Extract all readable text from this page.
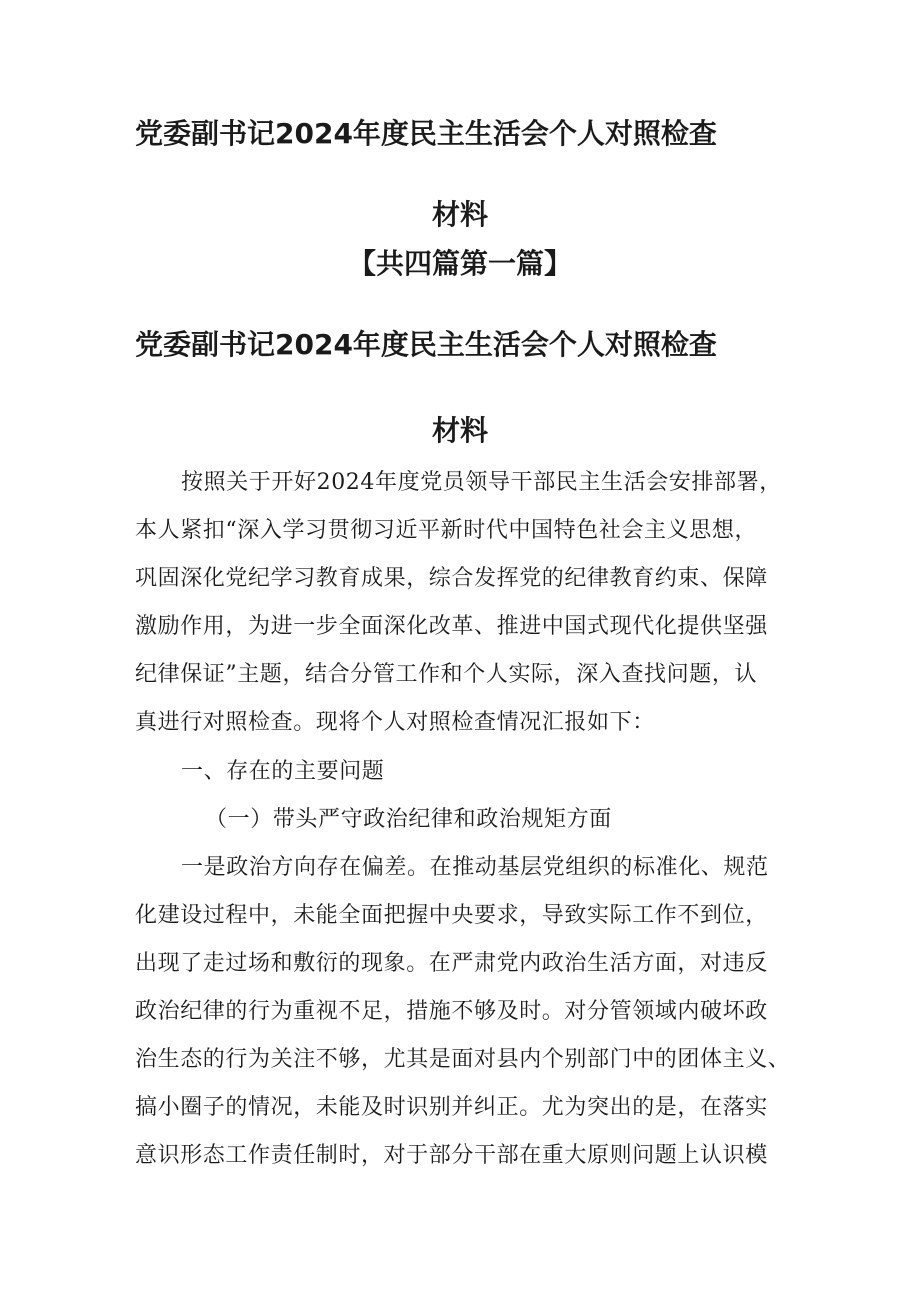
党委副书记2024年度民主生活会个人对照检查
材料
【共四篇第一篇】
党委副书记2024年度民主生活会个人对照检查
材料
按照关于开好2024年度党员领导干部民主生活会安排部署，
本人紧扣“深入学习贯彻习近平新时代中国特色社会主义思想，
巩固深化党纪学习教育成果，综合发挥党的纪律教育约束、保障
激励作用，为进一步全面深化改革、推进中国式现代化提供坚强
纪律保证”主题，结合分管工作和个人实际，深入查找问题，认
真进行对照检查。现将个人对照检查情况汇报如下：
一、存在的主要问题
（一）带头严守政治纪律和政治规矩方面
一是政治方向存在偏差。在推动基层党组织的标准化、规范
化建设过程中，未能全面把握中央要求，导致实际工作不到位，
出现了走过场和敷衍的现象。在严肃党内政治生活方面，对违反
政治纪律的行为重视不足，措施不够及时。对分管领域内破坏政
治生态的行为关注不够，尤其是面对县内个别部门中的团体主义、
搞小圈子的情况，未能及时识别并纠正。尤为突出的是，在落实
意识形态工作责任制时，对于部分干部在重大原则问题上认识模
